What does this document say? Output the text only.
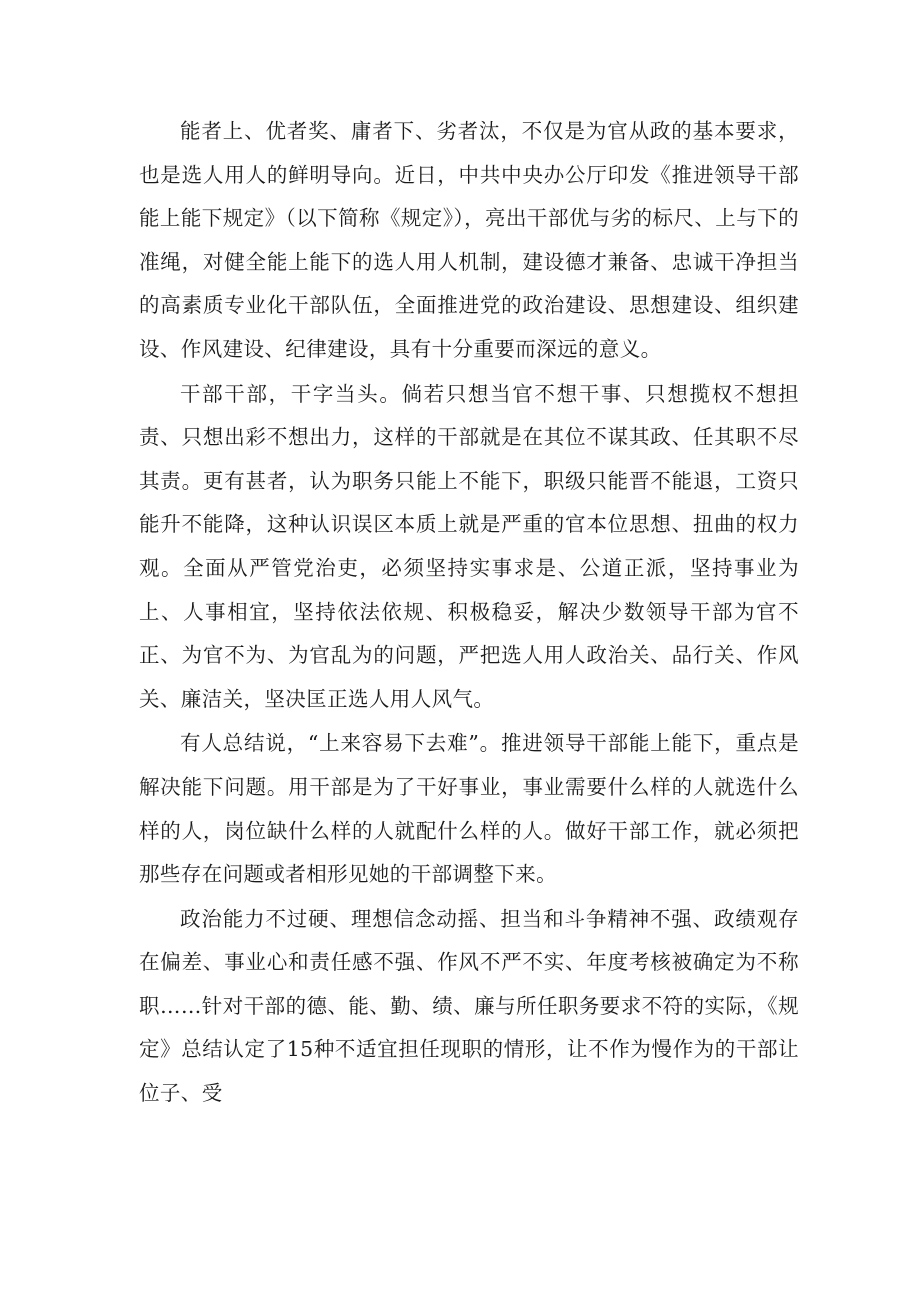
能者上、优者奖、庸者下、劣者汰，不仅是为官从政的基本要求，也是选人用人的鲜明导向。近日，中共中央办公厅印发《推进领导干部能上能下规定》（以下简称《规定》），亮出干部优与劣的标尺、上与下的准绳，对健全能上能下的选人用人机制，建设德才兼备、忠诚干净担当的高素质专业化干部队伍，全面推进党的政治建设、思想建设、组织建设、作风建设、纪律建设，具有十分重要而深远的意义。

干部干部，干字当头。倘若只想当官不想干事、只想揽权不想担责、只想出彩不想出力，这样的干部就是在其位不谋其政、任其职不尽其责。更有甚者，认为职务只能上不能下，职级只能晋不能退，工资只能升不能降，这种认识误区本质上就是严重的官本位思想、扭曲的权力观。全面从严管党治吏，必须坚持实事求是、公道正派，坚持事业为上、人事相宜，坚持依法依规、积极稳妥，解决少数领导干部为官不正、为官不为、为官乱为的问题，严把选人用人政治关、品行关、作风关、廉洁关，坚决匡正选人用人风气。

有人总结说，“上来容易下去难”。推进领导干部能上能下，重点是解决能下问题。用干部是为了干好事业，事业需要什么样的人就选什么样的人，岗位缺什么样的人就配什么样的人。做好干部工作，就必须把那些存在问题或者相形见她的干部调整下来。

政治能力不过硬、理想信念动摇、担当和斗争精神不强、政绩观存在偏差、事业心和责任感不强、作风不严不实、年度考核被确定为不称职……针对干部的德、能、勤、绩、廉与所任职务要求不符的实际，《规定》总结认定了15种不适宜担任现职的情形，让不作为慢作为的干部让位子、受
